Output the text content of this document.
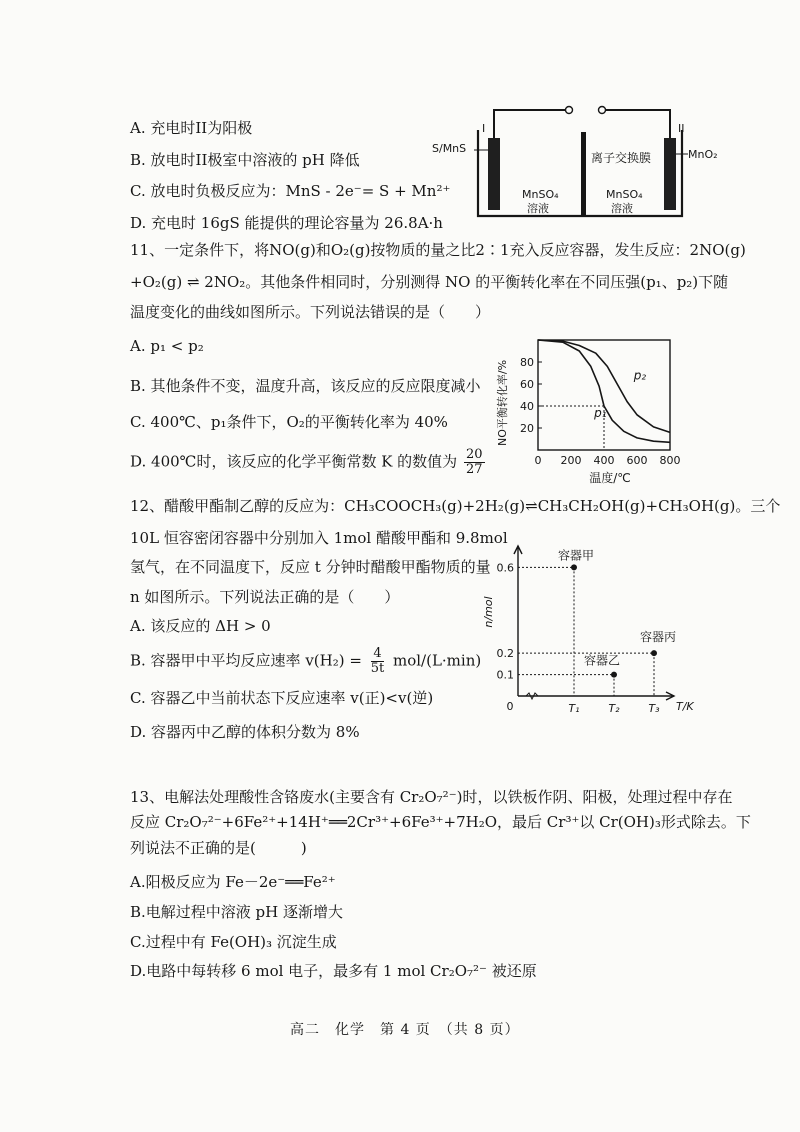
A. 充电时II为阳极
B. 放电时II极室中溶液的 pH 降低
C. 放电时负极反应为：MnS - 2e⁻= S + Mn²⁺
D. 充电时 16gS 能提供的理论容量为 26.8A·h
I	II
S/MnS	MnO₂
离子交换膜
MnSO₄
溶液
MnSO₄
溶液
11、一定条件下，将NO(g)和O₂(g)按物质的量之比2∶1充入反应容器，发生反应：2NO(g)
+O₂(g) ⇌ 2NO₂。其他条件相同时，分别测得 NO 的平衡转化率在不同压强(p₁、p₂)下随
温度变化的曲线如图所示。下列说法错误的是（　　）
A. p₁ < p₂
B. 其他条件不变，温度升高，该反应的反应限度减小
C. 400℃、p₁条件下，O₂的平衡转化率为 40%
D. 400℃时，该反应的化学平衡常数 K 的数值为 $\frac{20}{27}$
20
40
60
80
0 200 400 600 800
NO平衡转化率/%
温度/℃
p₂
p₁
12、醋酸甲酯制乙醇的反应为：CH₃COOCH₃(g)+2H₂(g)⇌CH₃CH₂OH(g)+CH₃OH(g)。三个
10L 恒容密闭容器中分别加入 1mol 醋酸甲酯和 9.8mol
氢气，在不同温度下，反应 t 分钟时醋酸甲酯物质的量
n 如图所示。下列说法正确的是（　　）
A. 该反应的 ΔH > 0
B. 容器甲中平均反应速率 $v(H_2) = \frac{4}{5t} mol/(L\cdot\min)$
C. 容器乙中当前状态下反应速率 v(正)<v(逆)
D. 容器丙中乙醇的体积分数为 8%
0
n/mol
T/K
0.1
0.2
0.6
T₁	T₂	T₃
容器甲
容器乙
容器丙
13、电解法处理酸性含铬废水(主要含有 Cr₂O₇²⁻)时，以铁板作阴、阳极，处理过程中存在
反应 Cr₂O₇²⁻+6Fe²⁺+14H⁺══2Cr³⁺+6Fe³⁺+7H₂O，最后 Cr³⁺以 Cr(OH)₃形式除去。下
列说法不正确的是(　　　)
A.阳极反应为 Fe－2e⁻══Fe²⁺
B.电解过程中溶液 pH 逐渐增大
C.过程中有 Fe(OH)₃ 沉淀生成
D.电路中每转移 6 mol 电子，最多有 1 mol Cr₂O₇²⁻ 被还原
高二　化学　第 4 页　（共 8 页）
